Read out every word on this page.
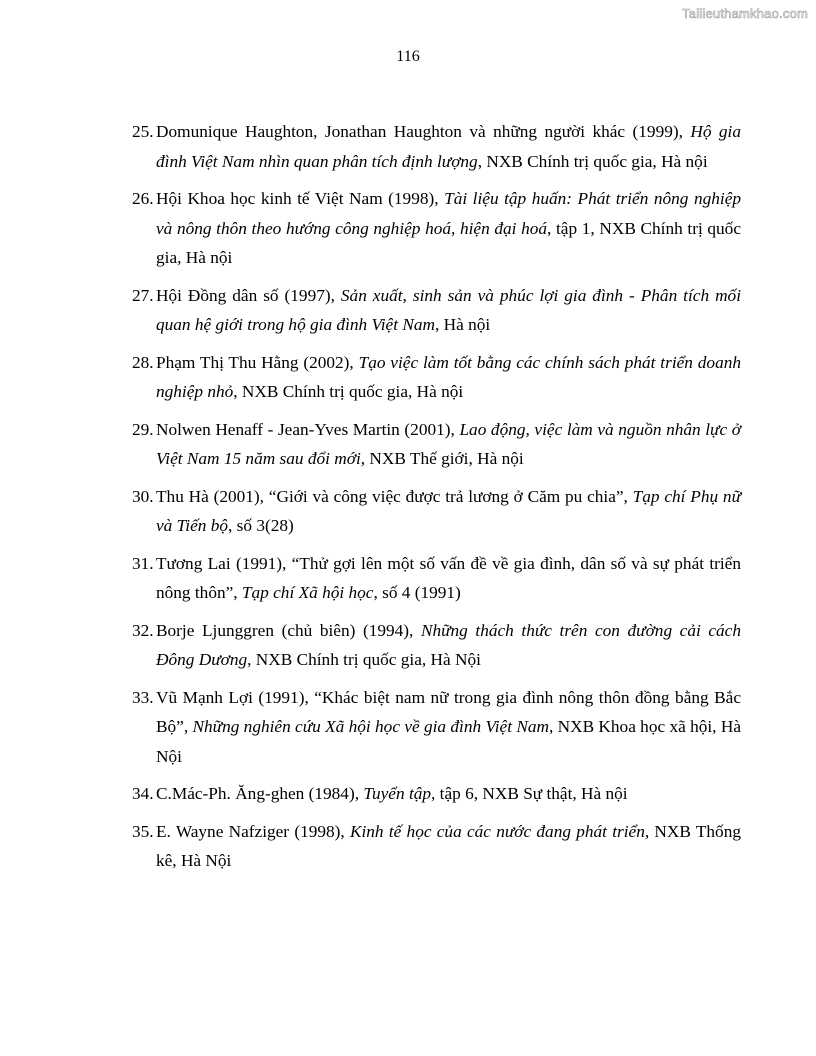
Tailieuthamkhao.com
116
25. Domunique Haughton, Jonathan Haughton và những người khác (1999), Hộ gia đình Việt Nam nhìn quan phân tích định lượng, NXB Chính trị quốc gia, Hà nội
26. Hội Khoa học kinh tế Việt Nam (1998), Tài liệu tập huấn: Phát triển nông nghiệp và nông thôn theo hướng công nghiệp hoá, hiện đại hoá, tập 1, NXB Chính trị quốc gia, Hà nội
27. Hội Đồng dân số (1997), Sản xuất, sinh sản và phúc lợi gia đình - Phân tích mối quan hệ giới trong hộ gia đình Việt Nam, Hà nội
28. Phạm Thị Thu Hằng (2002), Tạo việc làm tốt bằng các chính sách phát triển doanh nghiệp nhỏ, NXB Chính trị quốc gia, Hà nội
29. Nolwen Henaff - Jean-Yves Martin (2001), Lao động, việc làm và nguồn nhân lực ở Việt Nam 15 năm sau đổi mới, NXB Thế giới, Hà nội
30. Thu Hà (2001), “Giới và công việc được trả lương ở Căm pu chia”, Tạp chí Phụ nữ và Tiến bộ, số 3(28)
31. Tương Lai (1991), “Thử gợi lên một số vấn đề về gia đình, dân số và sự phát triển nông thôn”, Tạp chí Xã hội học, số 4 (1991)
32. Borje Ljunggren (chủ biên) (1994), Những thách thức trên con đường cải cách Đông Dương, NXB Chính trị quốc gia, Hà Nội
33. Vũ Mạnh Lợi (1991), “Khác biệt nam nữ trong gia đình nông thôn đồng bằng Bắc Bộ”, Những nghiên cứu Xã hội học về gia đình Việt Nam, NXB Khoa học xã hội, Hà Nội
34. C.Mác-Ph. Ăng-ghen (1984), Tuyển tập, tập 6, NXB Sự thật, Hà nội
35. E. Wayne Nafziger (1998), Kinh tế học của các nước đang phát triển, NXB Thống kê, Hà Nội
